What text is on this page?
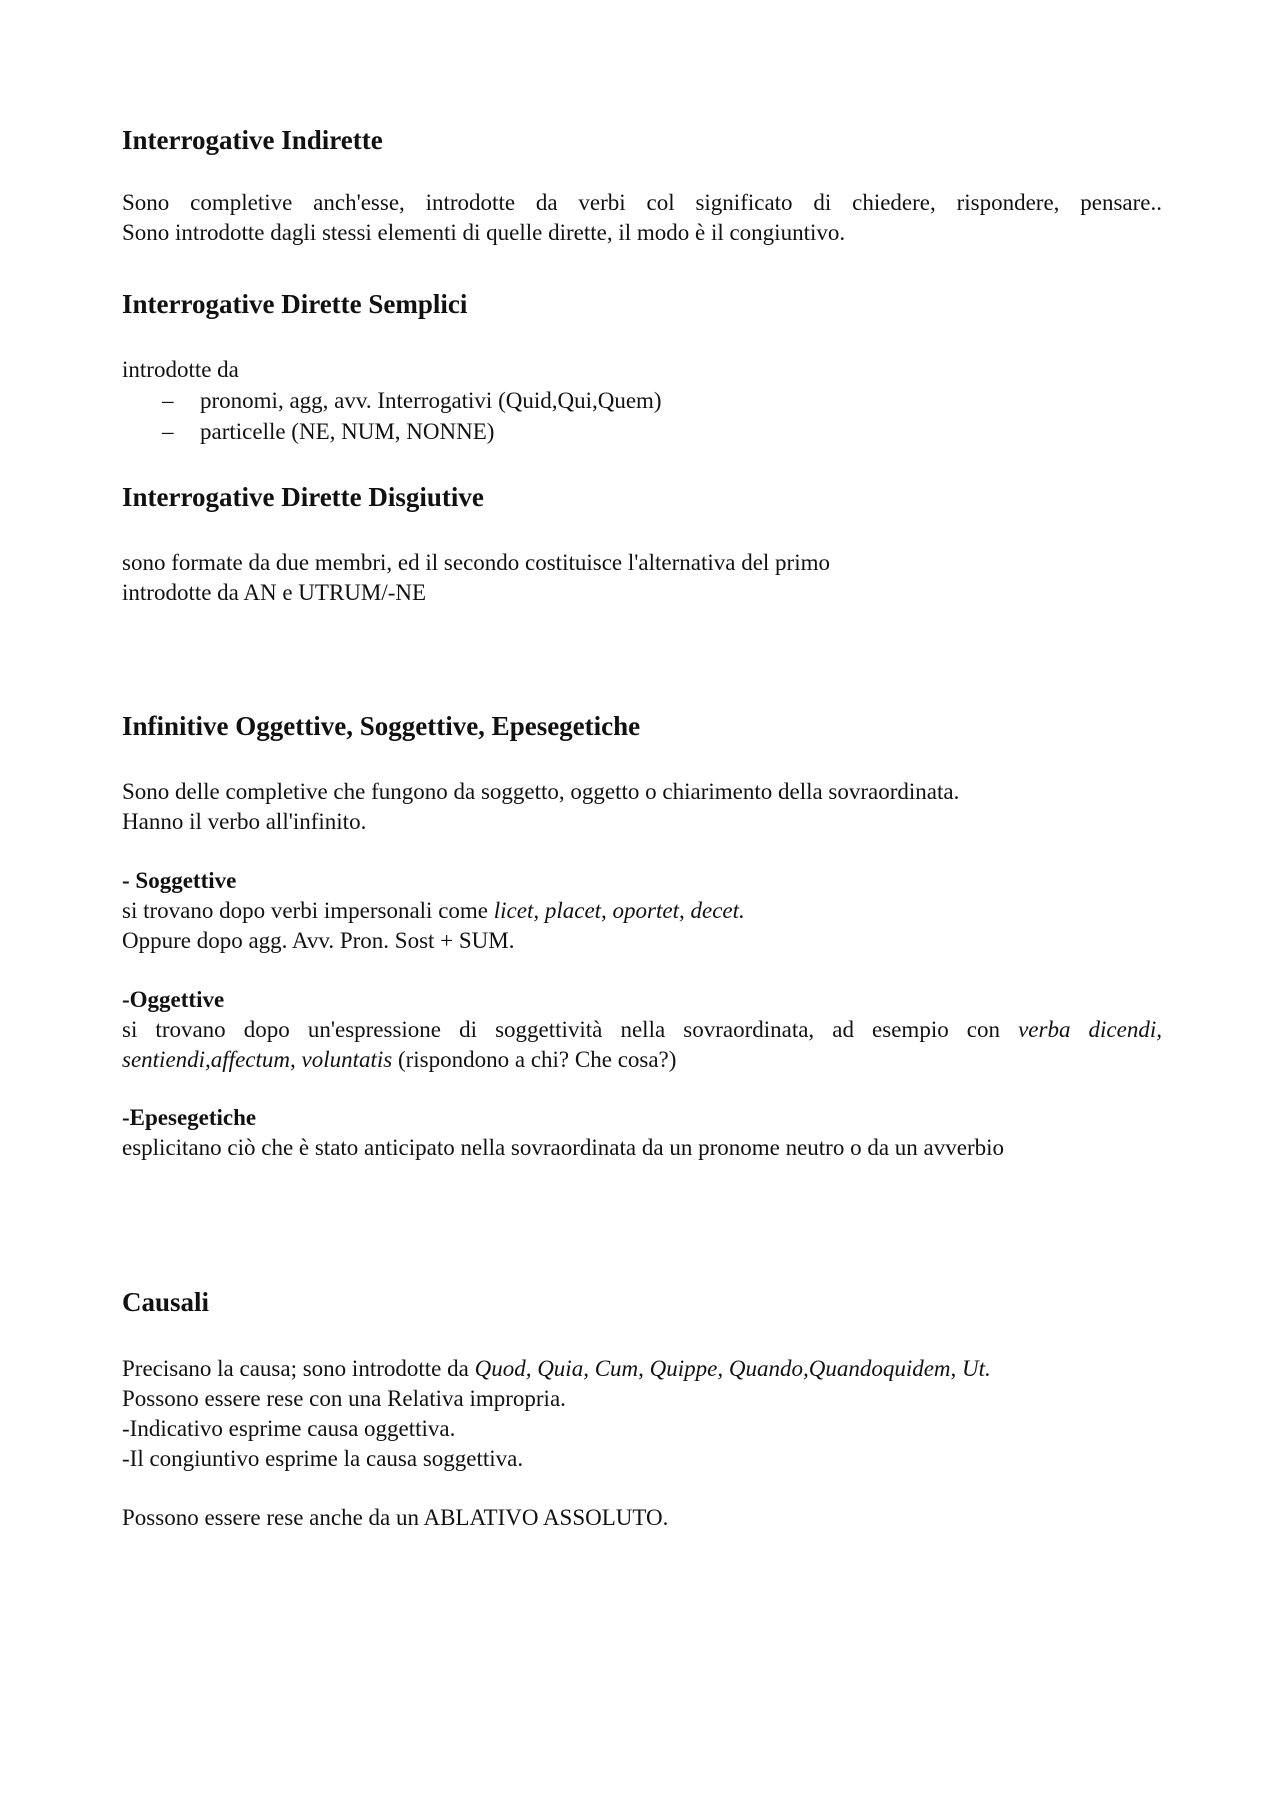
Interrogative Indirette

Sono completive anch'esse, introdotte da verbi col significato di chiedere, rispondere, pensare..

Sono introdotte dagli stessi elementi di quelle dirette, il modo è il congiuntivo.

Interrogative Dirette Semplici

introdotte da

– pronomi, agg, avv. Interrogativi (Quid,Qui,Quem)
– particelle (NE, NUM, NONNE)
Interrogative Dirette Disgiutive

sono formate da due membri, ed il secondo costituisce l'alternativa del primo

introdotte da AN e UTRUM/-NE

Infinitive Oggettive, Soggettive, Epesegetiche

Sono delle completive che fungono da soggetto, oggetto o chiarimento della sovraordinata.

Hanno il verbo all'infinito.

- Soggettive

si trovano dopo verbi impersonali come licet, placet, oportet, decet.

Oppure dopo agg. Avv. Pron. Sost + SUM.

-Oggettive

si trovano dopo un'espressione di soggettività nella sovraordinata, ad esempio con verba dicendi,

sentiendi,affectum, voluntatis (rispondono a chi? Che cosa?)

-Epesegetiche

esplicitano ciò che è stato anticipato nella sovraordinata da un pronome neutro o da un avverbio

Causali

Precisano la causa; sono introdotte da Quod, Quia, Cum, Quippe, Quando,Quandoquidem, Ut.

Possono essere rese con una Relativa impropria.

-Indicativo esprime causa oggettiva.

-Il congiuntivo esprime la causa soggettiva.

Possono essere rese anche da un ABLATIVO ASSOLUTO.
